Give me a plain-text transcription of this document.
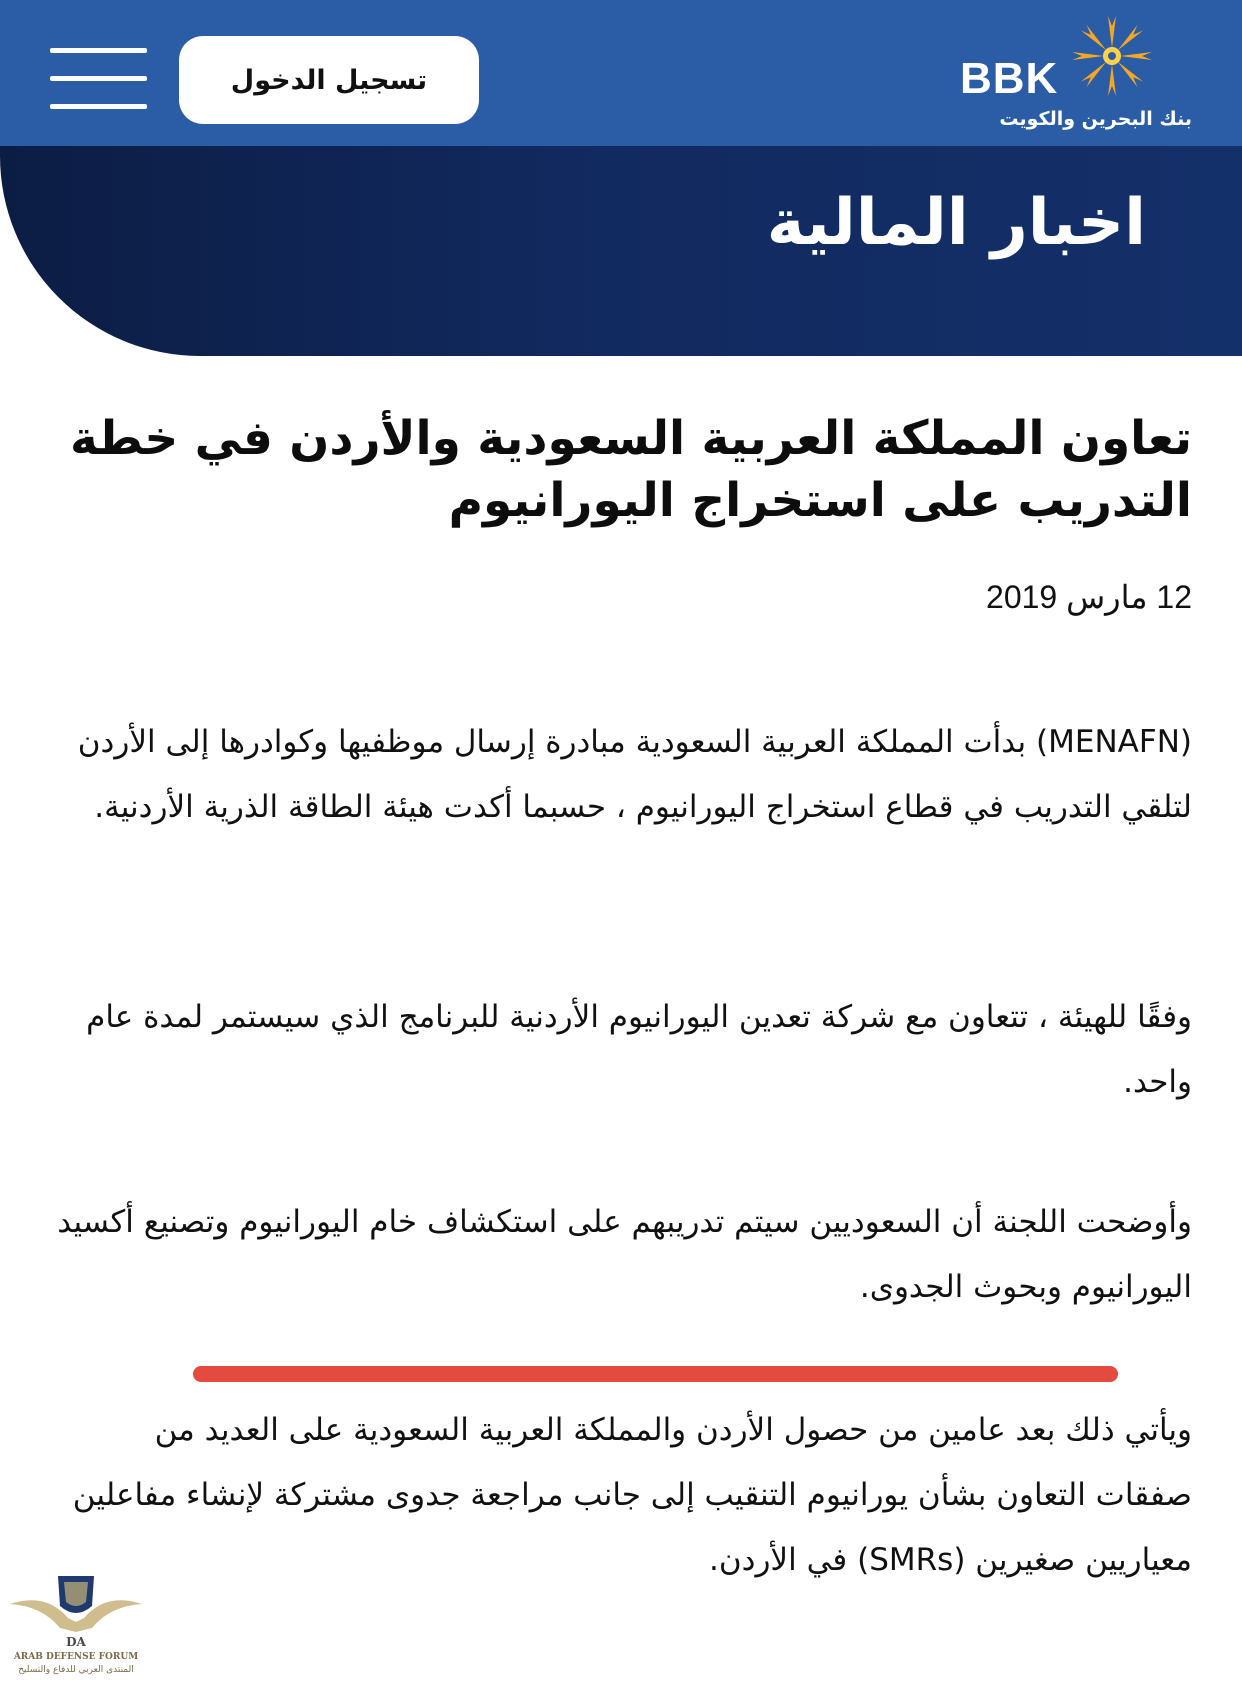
تسجيل الدخول	BBK
بنك البحرين والكويت
اخبار المالية
تعاون المملكة العربية السعودية والأردن في خطة التدريب على استخراج اليورانيوم
12 مارس 2019

(MENAFN) بدأت المملكة العربية السعودية مبادرة إرسال موظفيها وكوادرها إلى الأردن لتلقي التدريب في قطاع استخراج اليورانيوم ، حسبما أكدت هيئة الطاقة الذرية الأردنية.

وفقًا للهيئة ، تتعاون مع شركة تعدين اليورانيوم الأردنية للبرنامج الذي سيستمر لمدة عام واحد.

وأوضحت اللجنة أن السعوديين سيتم تدريبهم على استكشاف خام اليورانيوم وتصنيع أكسيد اليورانيوم وبحوث الجدوى.

ويأتي ذلك بعد عامين من حصول الأردن والمملكة العربية السعودية على العديد من صفقات التعاون بشأن يورانيوم التنقيب إلى جانب مراجعة جدوى مشتركة لإنشاء مفاعلين معياريين صغيرين (SMRs) في الأردن.

DA
ARAB DEFENSE FORUM
المنتدى العربي للدفاع والتسليح
